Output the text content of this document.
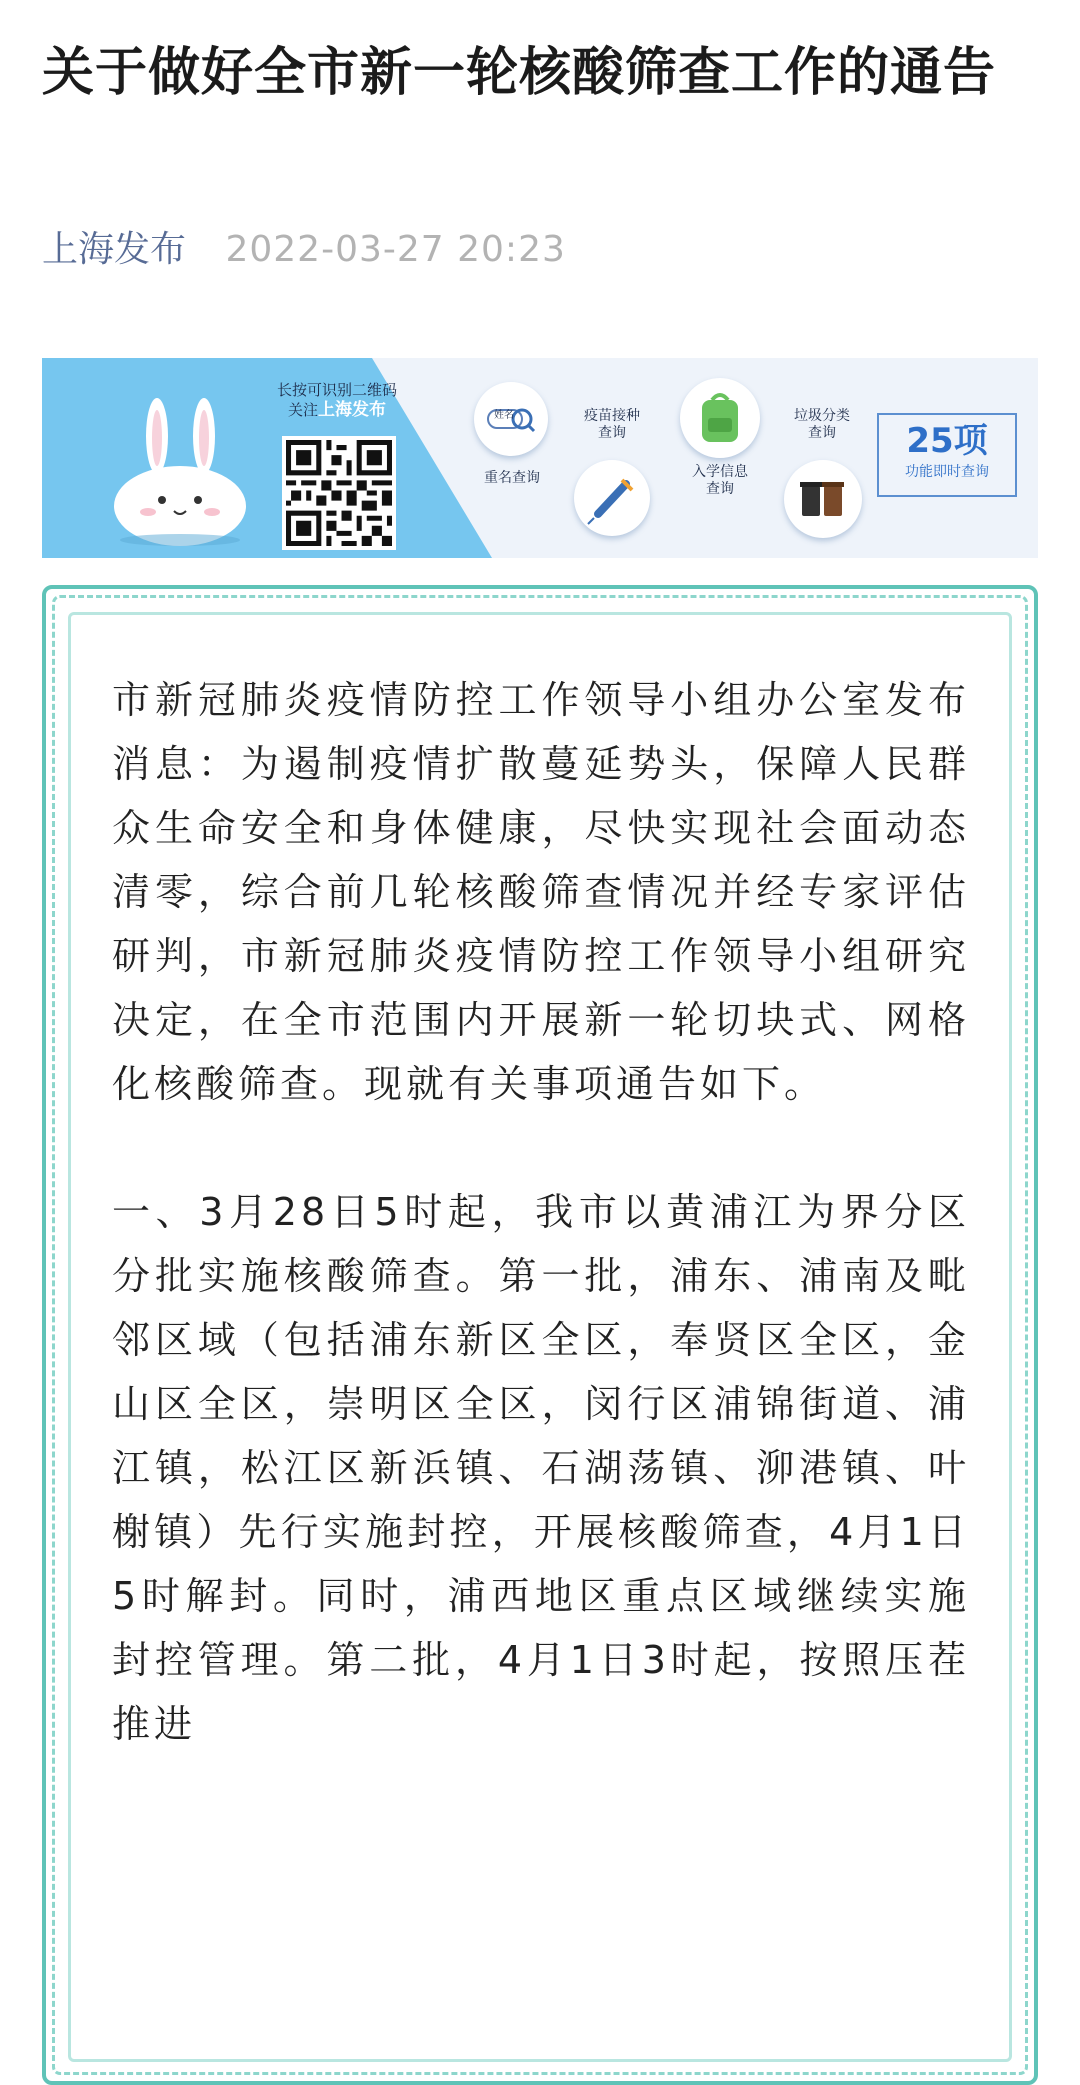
关于做好全市新一轮核酸筛查工作的通告
上海发布 2022-03-27 20:23
长按可识别二维码
关注上海发布	姓名
重名查询
疫苗接种
查询
入学信息
查询
垃圾分类
查询	25项
功能即时查询

市新冠肺炎疫情防控工作领导小组办公室发布消息：为遏制疫情扩散蔓延势头，保障人民群众生命安全和身体健康，尽快实现社会面动态清零，综合前几轮核酸筛查情况并经专家评估研判，市新冠肺炎疫情防控工作领导小组研究决定，在全市范围内开展新一轮切块式、网格化核酸筛查。现就有关事项通告如下。

一、3月28日5时起，我市以黄浦江为界分区分批实施核酸筛查。第一批，浦东、浦南及毗邻区域（包括浦东新区全区，奉贤区全区，金山区全区，崇明区全区，闵行区浦锦街道、浦江镇，松江区新浜镇、石湖荡镇、泖港镇、叶榭镇）先行实施封控，开展核酸筛查，4月1日5时解封。同时，浦西地区重点区域继续实施封控管理。第二批，4月1日3时起，按照压茬推进
